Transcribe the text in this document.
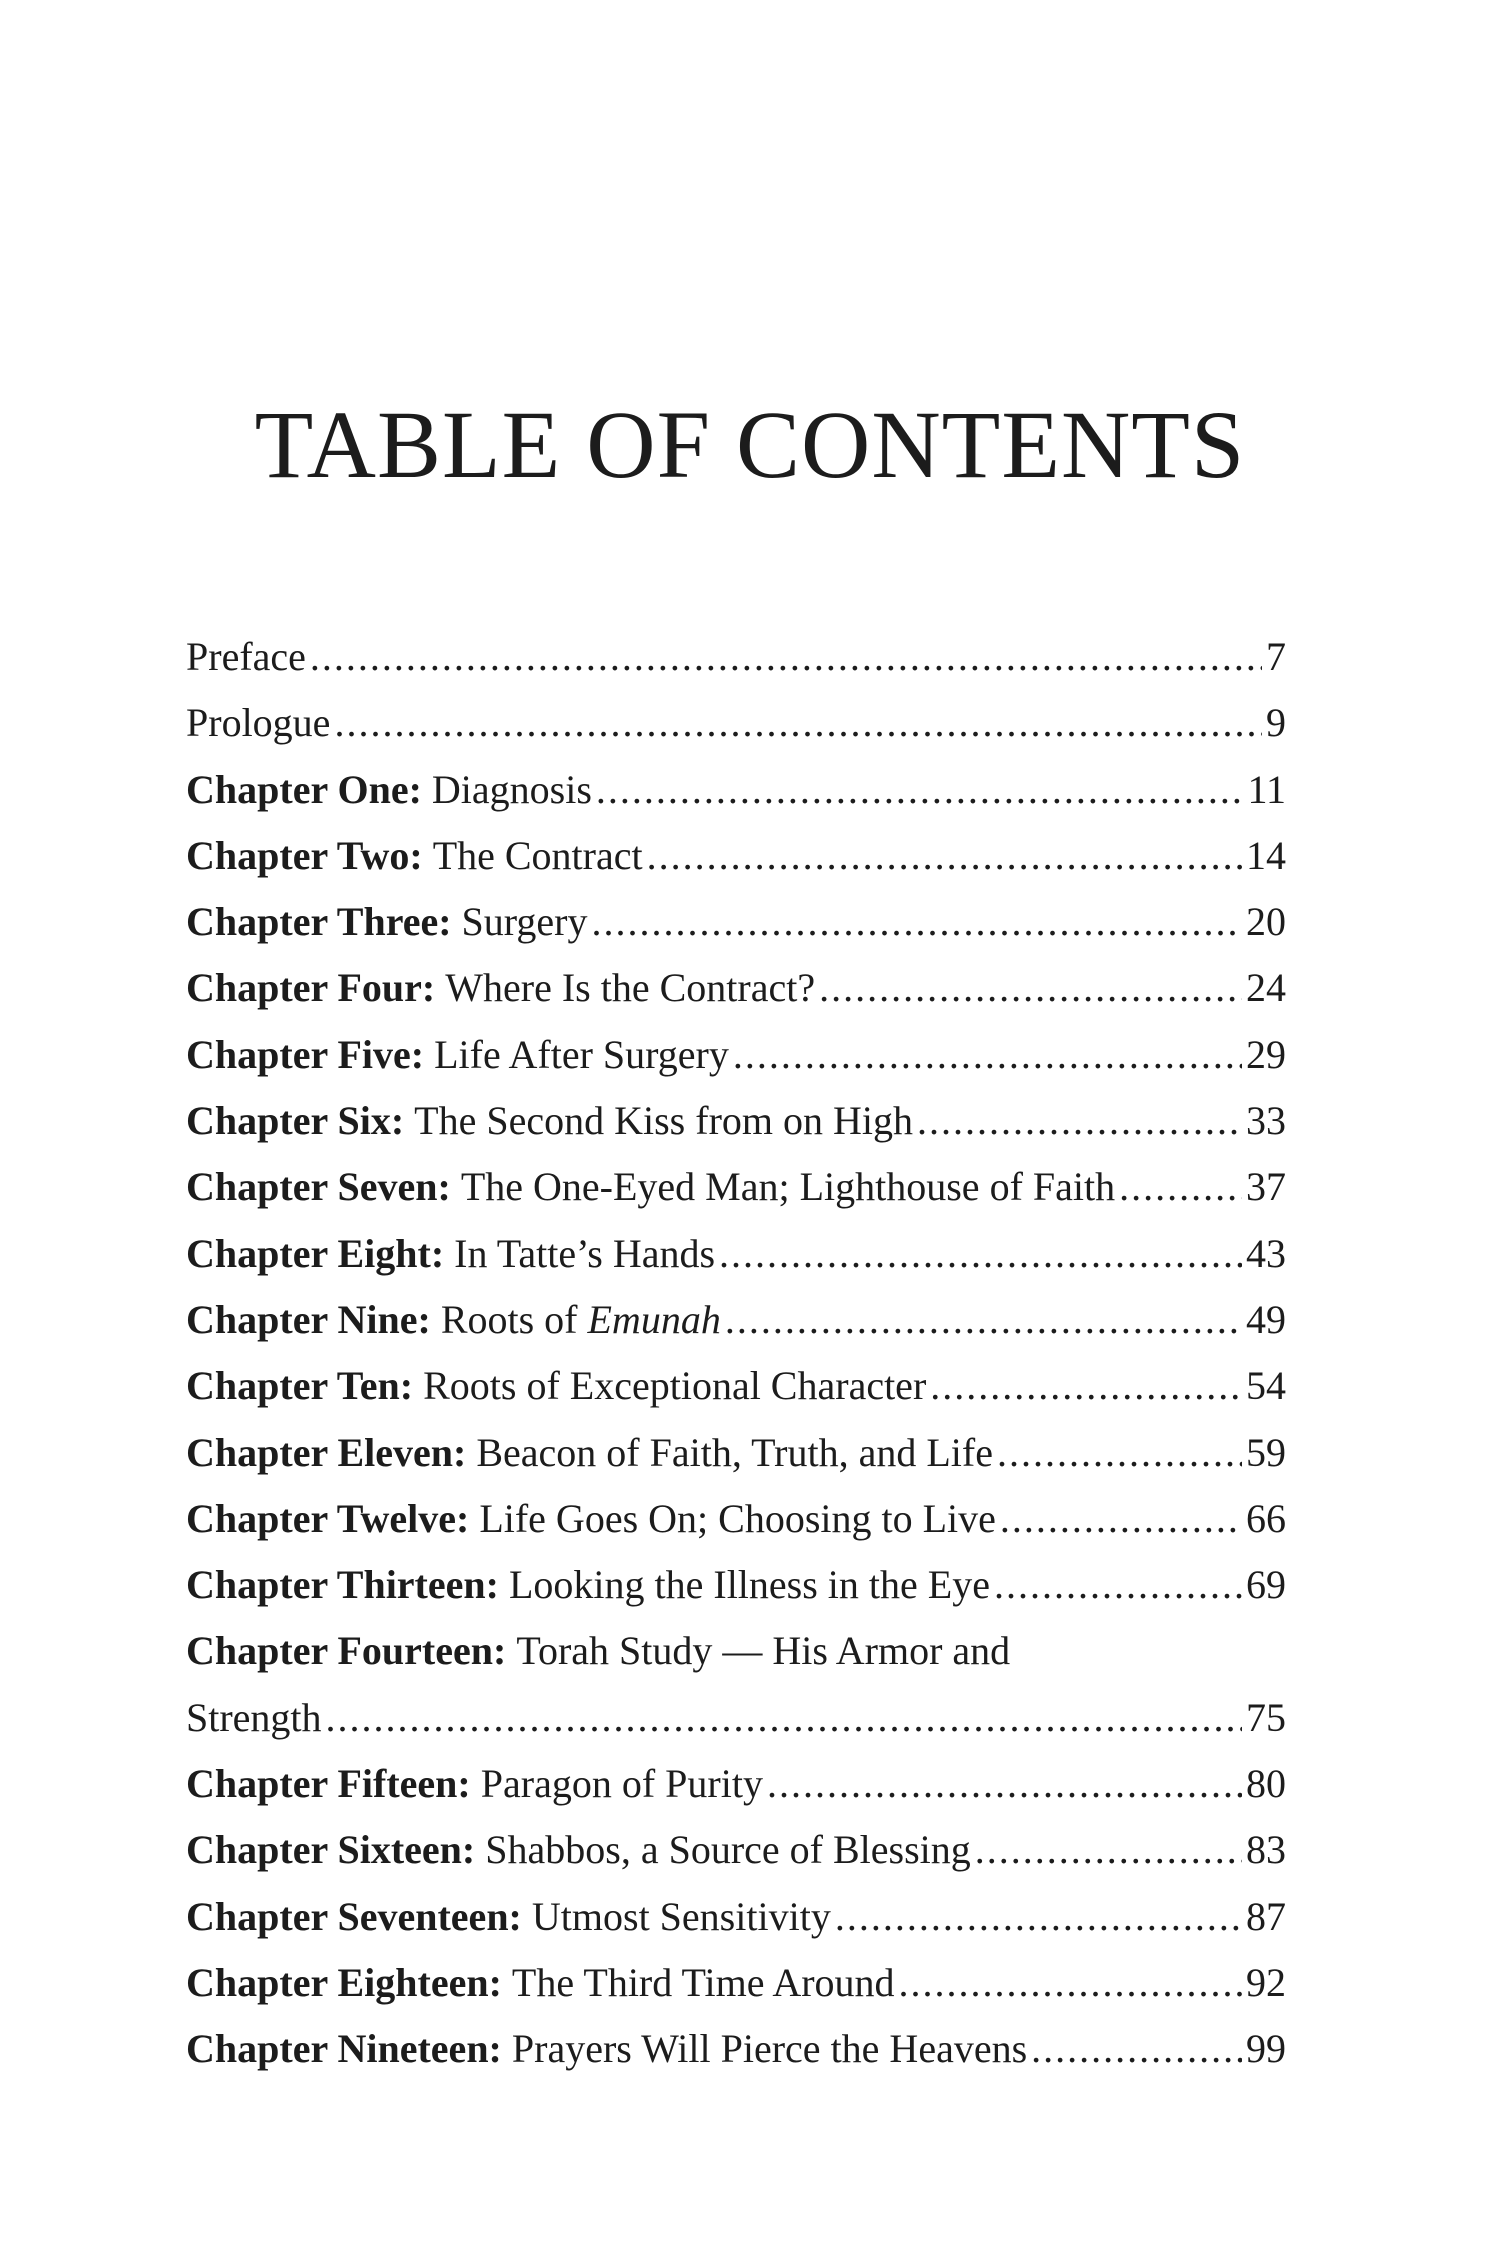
TABLE OF CONTENTS
Preface .....	7
Prologue .....	9
Chapter One: Diagnosis .....	11
Chapter Two: The Contract .....	14
Chapter Three: Surgery .....	20
Chapter Four: Where Is the Contract? .....	24
Chapter Five: Life After Surgery .....	29
Chapter Six: The Second Kiss from on High .....	33
Chapter Seven: The One-Eyed Man; Lighthouse of Faith .....	37
Chapter Eight: In Tatte’s Hands .....	43
Chapter Nine: Roots of Emunah .....	49
Chapter Ten: Roots of Exceptional Character .....	54
Chapter Eleven: Beacon of Faith, Truth, and Life .....	59
Chapter Twelve: Life Goes On; Choosing to Live .....	66
Chapter Thirteen: Looking the Illness in the Eye .....	69
Chapter Fourteen: Torah Study — His Armor and
Strength .....	75
Chapter Fifteen: Paragon of Purity .....	80
Chapter Sixteen: Shabbos, a Source of Blessing .....	83
Chapter Seventeen: Utmost Sensitivity .....	87
Chapter Eighteen: The Third Time Around .....	92
Chapter Nineteen: Prayers Will Pierce the Heavens .....	99
